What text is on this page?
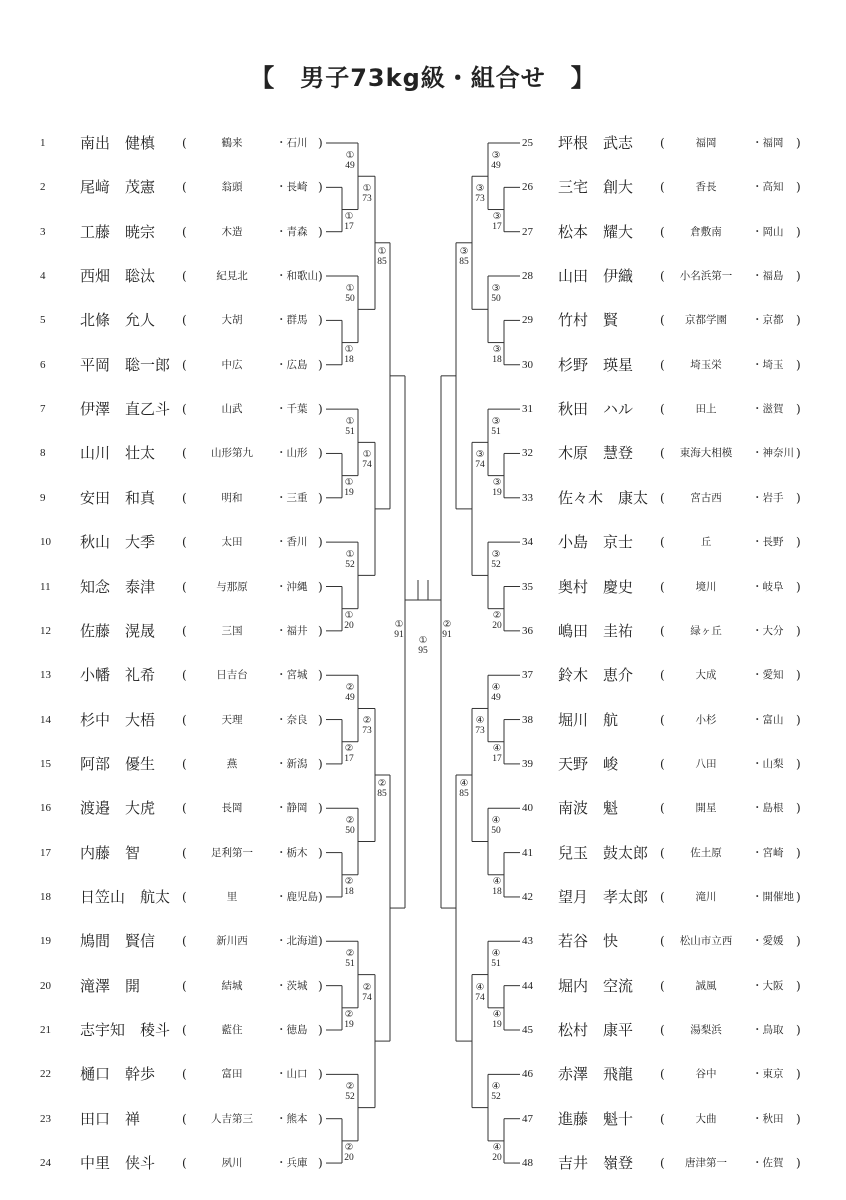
【　男子73kg級・組合せ　】
1 南出　健槙 (	鶴来	・石川 )
2 尾﨑　茂憲 (	翁頭	・長崎 )
3 工藤　暁宗 (	木造	・青森 )
4 西畑　聡汰 (	紀見北	・和歌山 )
5 北條　允人 (	大胡	・群馬 )
6 平岡　聡一郎 (	中広	・広島 )
7 伊澤　直乙斗 (	山武	・千葉 )
8 山川　壮太 (	山形第九	・山形 )
9 安田　和真 (	明和	・三重 )
10 秋山　大季 (	太田	・香川 )
11 知念　泰津 (	与那原	・沖縄 )
12 佐藤　滉晟 (	三国	・福井 )
13 小幡　礼希 (	日吉台	・宮城 )
14 杉中　大梧 (	天理	・奈良 )
15 阿部　優生 (	燕	・新潟 )
16 渡邉　大虎 (	長岡	・静岡 )
17 内藤　智	(	足利第一	・栃木 )
18 日笠山　航太 (	里	・鹿児島 )
19 鳩間　賢信 (	新川西	・北海道 )
20 滝澤　開	(	結城	・茨城 )
21 志宇知　稜斗 (	藍住	・徳島 )
22 樋口　幹歩 (	富田	・山口 )
23 田口　禅	(	人吉第三	・熊本 )
24 中里　侠斗 (	夙川	・兵庫 )
25 坪根　武志 (	福岡	・福岡 )
26 三宅　創大 (	香長	・高知 )
27 松本　耀大 (	倉敷南	・岡山 )
28 山田　伊織 (	小名浜第一	・福島 )
29 竹村　賢	(	京都学園	・京都 )
30 杉野　瑛星 (	埼玉栄	・埼玉 )
31 秋田　ハル (	田上	・滋賀 )
32 木原　慧登 (	東海大相模	・神奈川 )
33 佐々木　康太 (	宮古西	・岩手 )
34 小島　京士 (	丘	・長野 )
35 奥村　慶史 (	境川	・岐阜 )
36 嶋田　圭祐 (	緑ヶ丘	・大分 )
37 鈴木　恵介 (	大成	・愛知 )
38 堀川　航	(	小杉	・富山 )
39 天野　峻	(	八田	・山梨 )
40 南波　魁	(	開星	・島根 )
41 兒玉　鼓太郎 (	佐土原	・宮崎 )
42 望月　孝太郎 (	滝川	・開催地 )
43 若谷　快	(	松山市立西	・愛媛 )
44 堀内　空流 (	誠風	・大阪 )
45 松村　康平 (	湯梨浜	・鳥取 )
46 赤澤　飛龍 (	谷中	・東京 )
47 進藤　魁十 (	大曲	・秋田 )
48 吉井　嶺登 (	唐津第一	・佐賀 )
①
17
①
49
①
18
①
50
①
73
①
19
①
51
①
20
①
52
①
74
①
85
②
17
②
49
②
18
②
50
②
73
②
19
②
51
②
20
②
52
②
74
②
85
①
91
③
17
③
49
③
18
③
50
③
73
③
19
③
51
②
20
③
52
③
74
③
85
④
17
④
49
④
18
④
50
④
73
④
19
④
51
④
20
④
52
④
74
④
85
②
91
①
95
